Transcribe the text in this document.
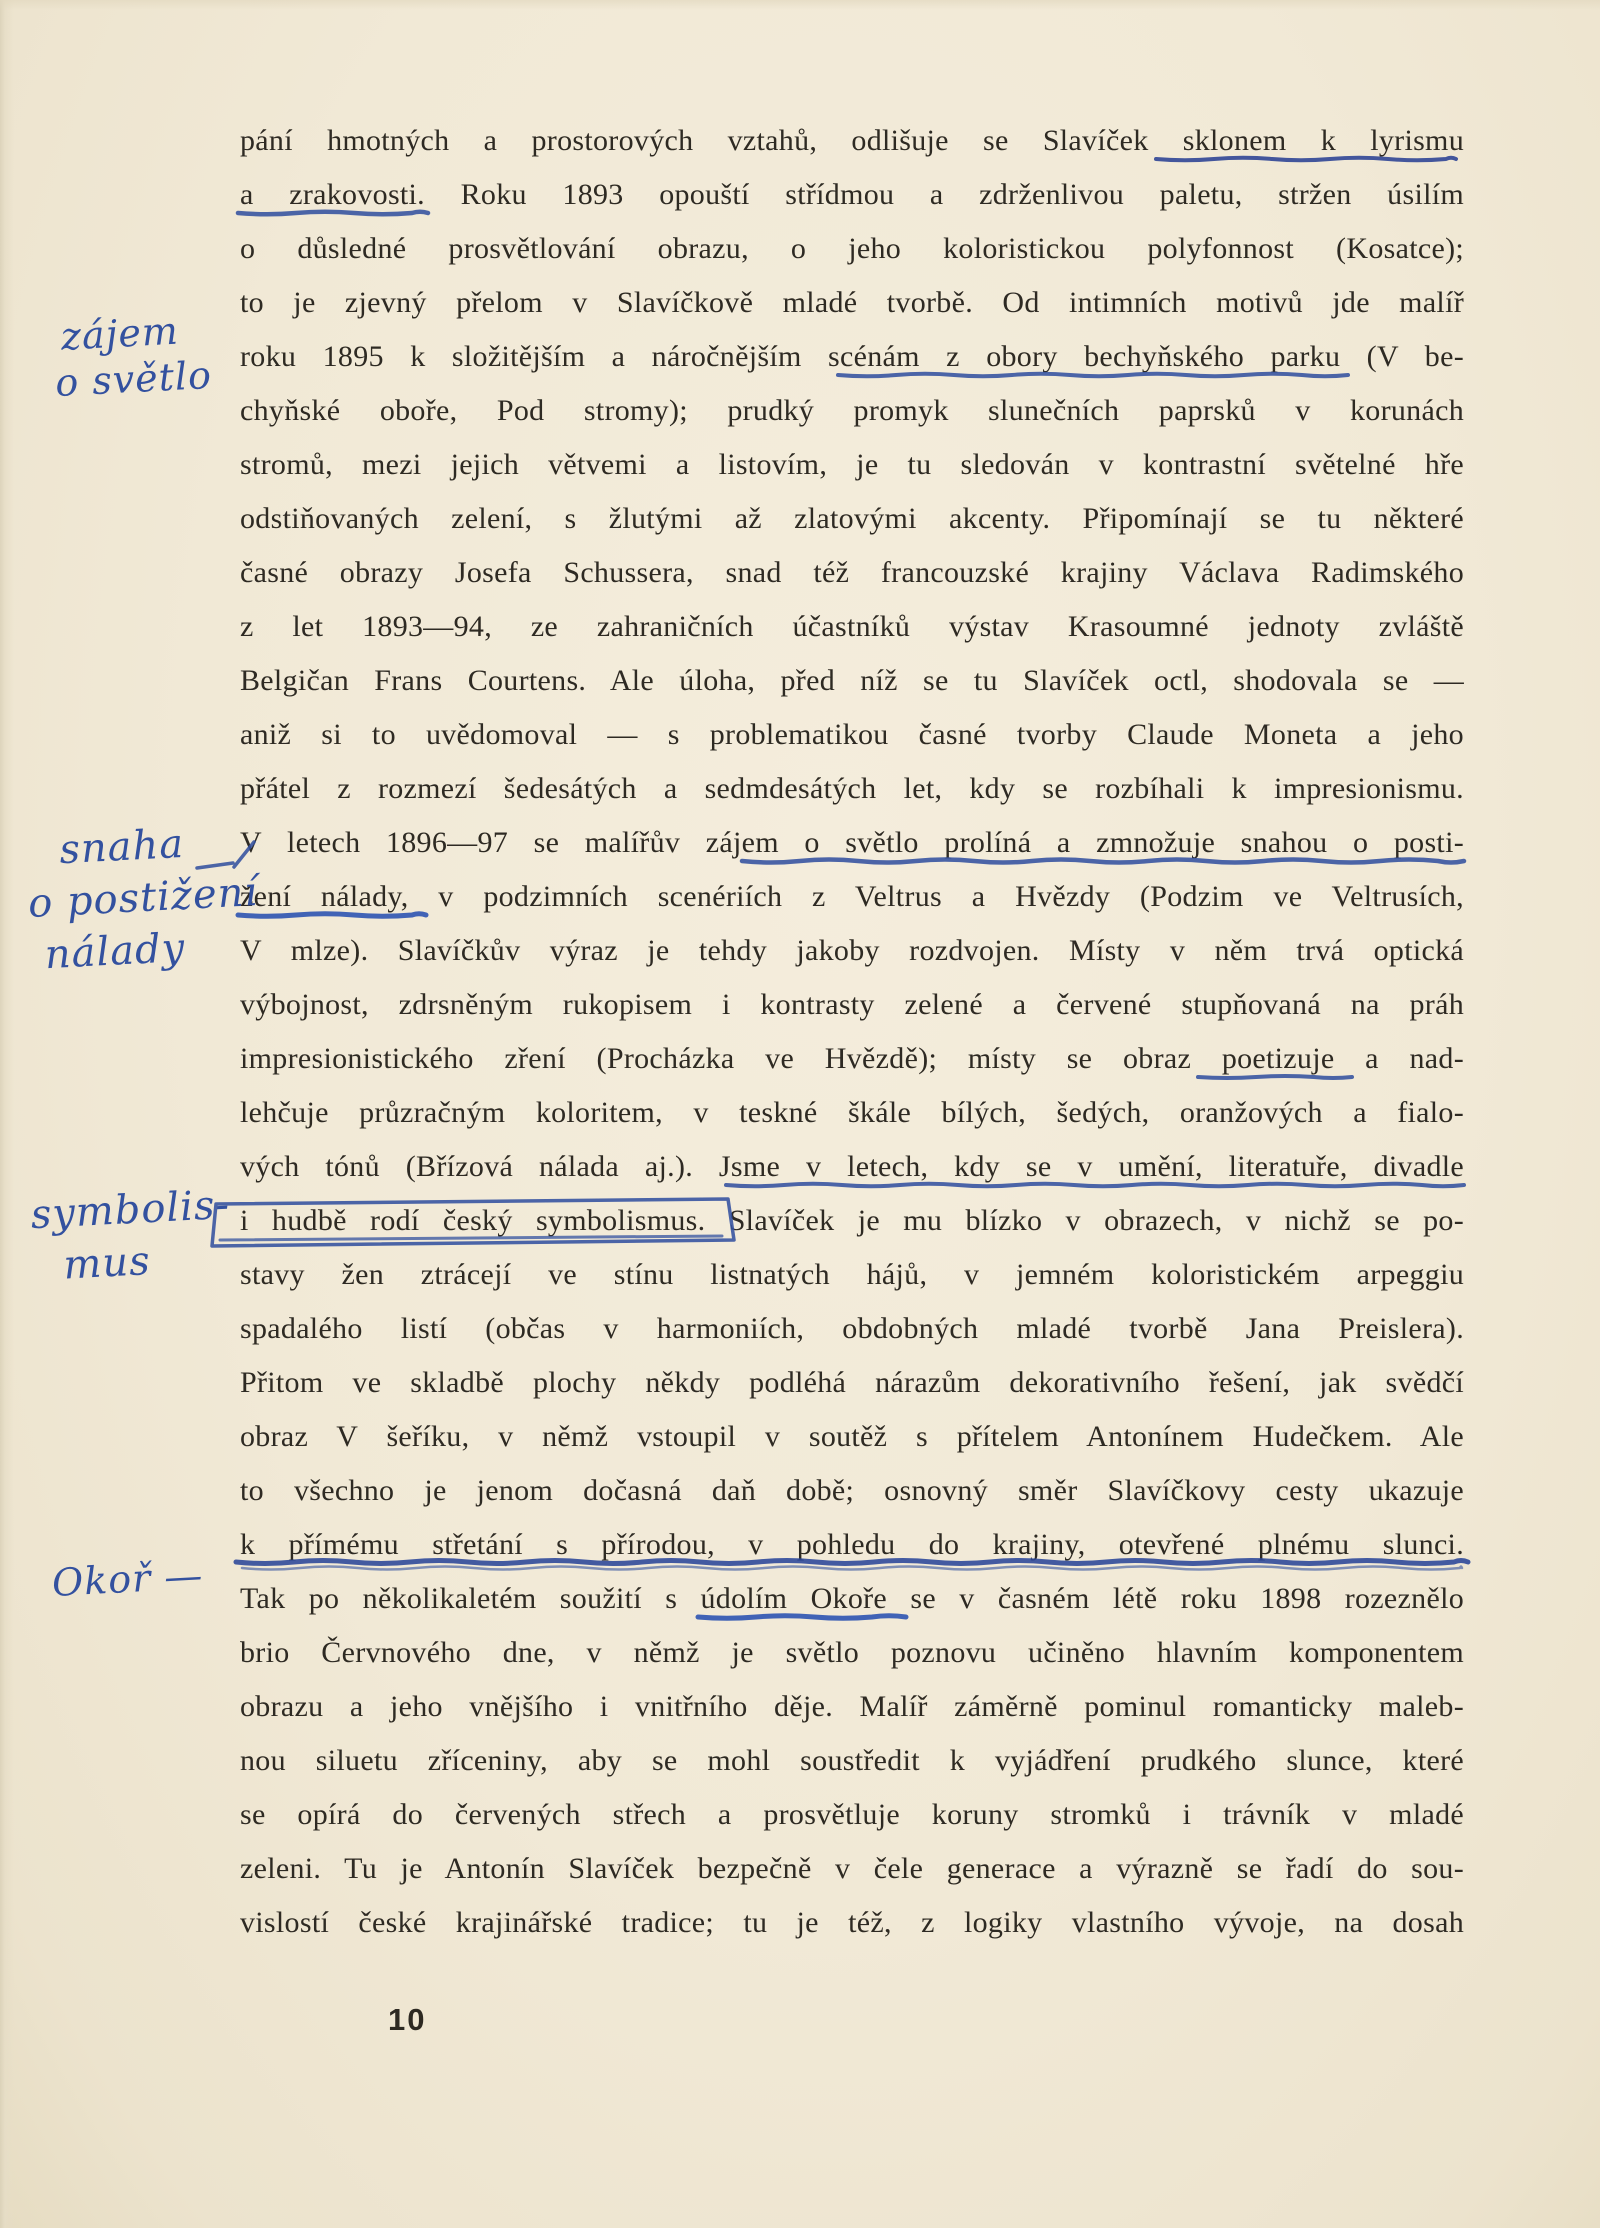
pání hmotných a prostorových vztahů, odlišuje se Slavíček sklonem k lyrismu
a zrakovosti. Roku 1893 opouští střídmou a zdrženlivou paletu, stržen úsilím
o důsledné prosvětlování obrazu, o jeho koloristickou polyfonnost (Kosatce);
to je zjevný přelom v Slavíčkově mladé tvorbě. Od intimních motivů jde malíř
roku 1895 k složitějším a náročnějším scénám z obory bechyňského parku (V be-
chyňské oboře, Pod stromy); prudký promyk slunečních paprsků v korunách
stromů, mezi jejich větvemi a listovím, je tu sledován v kontrastní světelné hře
odstiňovaných zelení, s žlutými až zlatovými akcenty. Připomínají se tu některé
časné obrazy Josefa Schussera, snad též francouzské krajiny Václava Radimského
z let 1893—94, ze zahraničních účastníků výstav Krasoumné jednoty zvláště
Belgičan Frans Courtens. Ale úloha, před níž se tu Slavíček octl, shodovala se —
aniž si to uvědomoval — s problematikou časné tvorby Claude Moneta a jeho
přátel z rozmezí šedesátých a sedmdesátých let, kdy se rozbíhali k impresionismu.
V letech 1896—97 se malířův zájem o světlo prolíná a zmnožuje snahou o posti-
žení nálady, v podzimních scenériích z Veltrus a Hvězdy (Podzim ve Veltrusích,
V mlze). Slavíčkův výraz je tehdy jakoby rozdvojen. Místy v něm trvá optická
výbojnost, zdrsněným rukopisem i kontrasty zelené a červené stupňovaná na práh
impresionistického zření (Procházka ve Hvězdě); místy se obraz poetizuje a nad-
lehčuje průzračným koloritem, v teskné škále bílých, šedých, oranžových a fialo-
vých tónů (Břízová nálada aj.). Jsme v letech, kdy se v umění, literatuře, divadle
i hudbě rodí český symbolismus. Slavíček je mu blízko v obrazech, v nichž se po-
stavy žen ztrácejí ve stínu listnatých hájů, v jemném koloristickém arpeggiu
spadalého listí (občas v harmoniích, obdobných mladé tvorbě Jana Preislera).
Přitom ve skladbě plochy někdy podléhá nárazům dekorativního řešení, jak svědčí
obraz V šeříku, v němž vstoupil v soutěž s přítelem Antonínem Hudečkem. Ale
to všechno je jenom dočasná daň době; osnovný směr Slavíčkovy cesty ukazuje
k přímému střetání s přírodou, v pohledu do krajiny, otevřené plnému slunci.
Tak po několikaletém soužití s údolím Okoře se v časném létě roku 1898 rozeznělo
brio Červnového dne, v němž je světlo poznovu učiněno hlavním komponentem
obrazu a jeho vnějšího i vnitřního děje. Malíř záměrně pominul romanticky maleb-
nou siluetu zříceniny, aby se mohl soustředit k vyjádření prudkého slunce, které
se opírá do červených střech a prosvětluje koruny stromků i trávník v mladé
zeleni. Tu je Antonín Slavíček bezpečně v čele generace a výrazně se řadí do sou-
vislostí české krajinářské tradice; tu je též, z logiky vlastního vývoje, na dosah
zájem
o světlo
snaha
o postižení
nálady
symbolis-
mus
Okoř —
10
